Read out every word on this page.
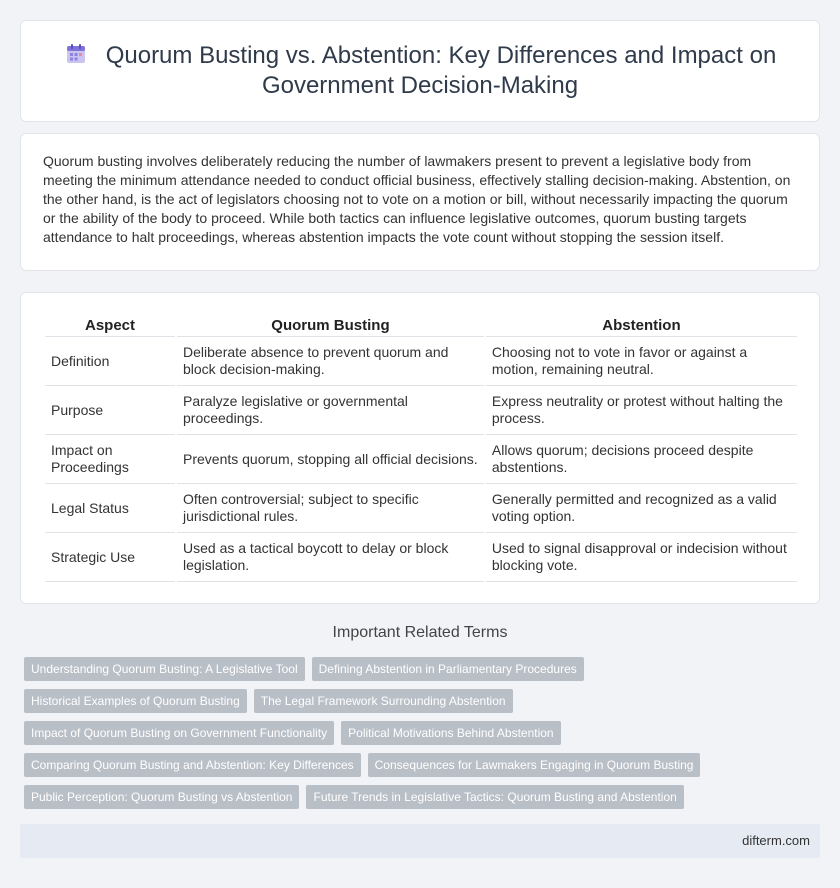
Quorum Busting vs. Abstention: Key Differences and Impact on Government Decision-Making

Quorum busting involves deliberately reducing the number of lawmakers present to prevent a legislative body from meeting the minimum attendance needed to conduct official business, effectively stalling decision-making. Abstention, on the other hand, is the act of legislators choosing not to vote on a motion or bill, without necessarily impacting the quorum or the ability of the body to proceed. While both tactics can influence legislative outcomes, quorum busting targets attendance to halt proceedings, whereas abstention impacts the vote count without stopping the session itself.

Aspect	Quorum Busting	Abstention
Definition	Deliberate absence to prevent quorum and block decision-making.	Choosing not to vote in favor or against a motion, remaining neutral.
Purpose	Paralyze legislative or governmental proceedings.	Express neutrality or protest without halting the process.
Impact on Proceedings	Prevents quorum, stopping all official decisions.	Allows quorum; decisions proceed despite abstentions.
Legal Status	Often controversial; subject to specific jurisdictional rules.	Generally permitted and recognized as a valid voting option.
Strategic Use	Used as a tactical boycott to delay or block legislation.	Used to signal disapproval or indecision without blocking vote.
Important Related Terms
Understanding Quorum Busting: A Legislative Tool Defining Abstention in Parliamentary Procedures
Historical Examples of Quorum Busting The Legal Framework Surrounding Abstention
Impact of Quorum Busting on Government Functionality Political Motivations Behind Abstention
Comparing Quorum Busting and Abstention: Key Differences Consequences for Lawmakers Engaging in Quorum Busting
Public Perception: Quorum Busting vs Abstention Future Trends in Legislative Tactics: Quorum Busting and Abstention
difterm.com
